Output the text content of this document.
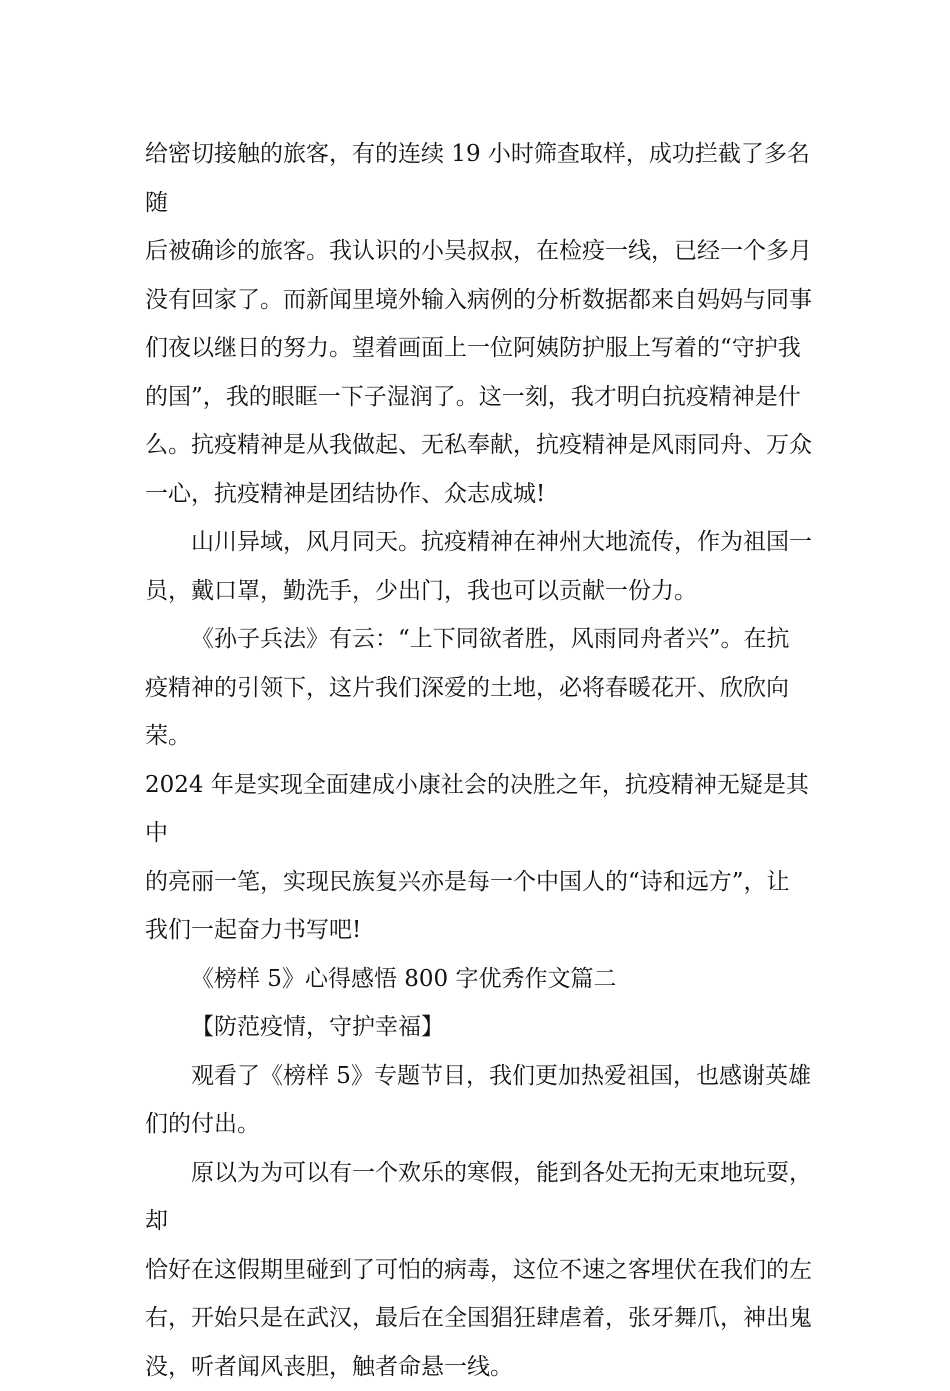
给密切接触的旅客，有的连续 19 小时筛查取样，成功拦截了多名随
后被确诊的旅客。我认识的小吴叔叔，在检疫一线，已经一个多月
没有回家了。而新闻里境外输入病例的分析数据都来自妈妈与同事
们夜以继日的努力。望着画面上一位阿姨防护服上写着的“守护我
的国”，我的眼眶一下子湿润了。这一刻，我才明白抗疫精神是什
么。抗疫精神是从我做起、无私奉献，抗疫精神是风雨同舟、万众
一心，抗疫精神是团结协作、众志成城!

山川异域，风月同天。抗疫精神在神州大地流传，作为祖国一
员，戴口罩，勤洗手，少出门，我也可以贡献一份力。

《孙子兵法》有云：“上下同欲者胜，风雨同舟者兴”。在抗
疫精神的引领下，这片我们深爱的土地，必将春暖花开、欣欣向荣。
2024 年是实现全面建成小康社会的决胜之年，抗疫精神无疑是其中
的亮丽一笔，实现民族复兴亦是每一个中国人的“诗和远方”，让
我们一起奋力书写吧!

《榜样 5》心得感悟 800 字优秀作文篇二

【防范疫情，守护幸福】

观看了《榜样 5》专题节目，我们更加热爱祖国，也感谢英雄
们的付出。

原以为为可以有一个欢乐的寒假，能到各处无拘无束地玩耍，却
恰好在这假期里碰到了可怕的病毒，这位不速之客埋伏在我们的左
右，开始只是在武汉，最后在全国猖狂肆虐着，张牙舞爪，神出鬼
没，听者闻风丧胆，触者命悬一线。
